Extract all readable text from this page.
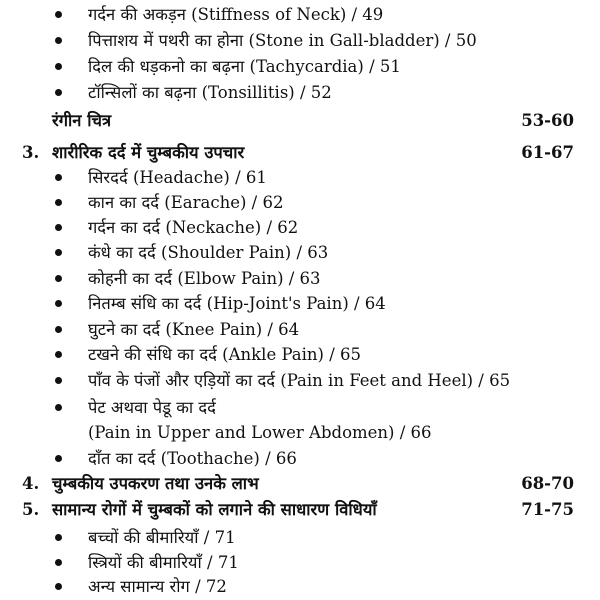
गर्दन की अकड़न (Stiffness of Neck) / 49
पित्ताशय में पथरी का होना (Stone in Gall-bladder) / 50
दिल की धड़कनो का बढ़ना (Tachycardia) / 51
टॉन्सिलों का बढ़ना (Tonsillitis) / 52
रंगीन चित्र	53-60
3. शारीरिक दर्द में चुम्बकीय उपचार	61-67
सिरदर्द (Headache) / 61
कान का दर्द (Earache) / 62
गर्दन का दर्द (Neckache) / 62
कंधे का दर्द (Shoulder Pain) / 63
कोहनी का दर्द (Elbow Pain) / 63
नितम्ब संधि का दर्द (Hip-Joint's Pain) / 64
घुटने का दर्द (Knee Pain) / 64
टखने की संधि का दर्द (Ankle Pain) / 65
पाँव के पंजों और एड़ियों का दर्द (Pain in Feet and Heel) / 65
पेट अथवा पेडू का दर्द
(Pain in Upper and Lower Abdomen) / 66
दाँत का दर्द (Toothache) / 66
4. चुम्बकीय उपकरण तथा उनके लाभ	68-70
5. सामान्य रोगों में चुम्बकों को लगाने की साधारण विधियाँ	71-75
बच्चों की बीमारियाँ / 71
स्त्रियों की बीमारियाँ / 71
अन्य सामान्य रोग / 72
